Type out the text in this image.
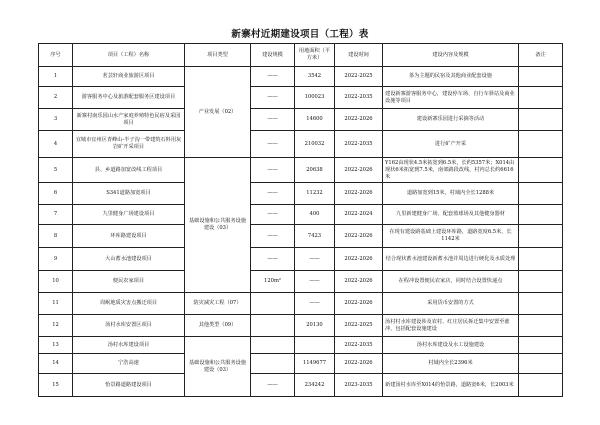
新寨村近期建设项目（工程）表
序号	项目（工程）名称	项目类型	建设规模	用地面积（平方米）	建设时间	建设内容及规模	备注
1	茗芸轩商业旅游区项目	产业发展（02）	——	3542	2022-2025	茶为主题的民宿及其他商业配套设施	
2	游客服务中心及旅游配套服务区建设项目		——	100023	2022-2035	建设新寨游客服务中心，建设停车场、自行车驿站及商业设施等项目	
3	新寨村南乐园山水产家庭养殖特色民宿及采园项目		——	14600	2022-2026	建设新寨乐园进行采摘等活动	
4	宜城市宜州区青峰山-半子沟一带建筑石料用灰岩矿开采项目		——	210032	2022-2035	进行矿产开采	
5	县、乡道路加宽改线工程项目	基础设施和公共服务设施建设（03）	——	20638	2022-2026	Y162由现状4.5米拓宽到6.5米，长约5357米；X014由现状6米拓宽到7.5米，南郊路段改线，村内总长约6616米	
6	S341道路加宽项目		——	11232	2022-2026	道路加宽到15米，村域内全长1288米	
7	九里健身广场建设项目		——	400	2022-2024	九里新建健身广场、配套篮球场及其他健身器材	
8	环库路建设项目		——	7423	2022-2026	在现有建设路基础上建设环库路，道路宽度6.5米，长1142米	
9	大山蓄水池建设项目		——	——	2022-2026	结合现状蓄水池建设新蓄水池并周边进行硬化及水质处理	
10	便民农家项目		120m²	——	2022-2026	在程冲设置便民农家店，同时结合设置快递点	
11	周岷地质灾害点搬迁项目	防灾减灾工程（07）		——	2022-2026	采用货币安置的方式	
12	汤村水库安置区项目	其他类型（09）		20130	2022-2025	汤村村水库建设涉及农村、红庄居民拆迁集中安置至涨冲，包括配套设施建设	
13	汤村水库建设项目	基础设施和公共服务设施建设（03）			2022-2035	汤村水库建设及水工设施建设	
14	宁浩高速			1149677	2022-2026	村域内全长2396米	
15	怡景路道路建设项目		——	234242	2023-2035	新建汤村水库至X014的怡景路，道路宽6米，长2003米	
